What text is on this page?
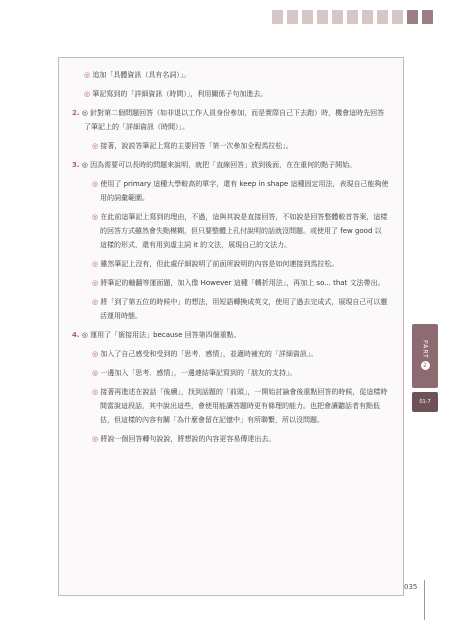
◎ 追加「具體資訊（具有名詞）」。

◎ 筆記寫到的「詳細資訊（時間）」，利用關係子句加進去。

2. ◎ 針對第二個問題回答（如非退以工作人員身份參加，而是實際自己下去跑）時，機會這時先回答了筆記上的「詳細資訊（時間）」。

◎ 接著，說説答筆記上寫的主要回答「第一次參加全程馬拉松」。

3. ◎ 因為需要可以長時的問題來說明，就把「直線回答」放到後面，在在重何的點子開始。

◎ 使用了 primary 這種大學較高的單字，還有 keep in shape 這種固定用法，表現自己能夠使用的詞彙範圍。

◎ 在此前這筆記上寫到的理由，不過，這與其說是直接回答，不如說是回答整體較首答案，這樣的回答方式雖然會失點模糊，但只要整體上孔付說明的話就沒問題。或使用了 few good 以 這樣的形式，還有用到虛主詞 it 的文法，展現自己的文法力。

◎ 雖然筆記上沒有，但此處仔細說明了前面所說明的內容是如何連接到馬拉松。

◎ 將筆記的軸翻等運面題，加入像 However 這種「轉折用法」，再加上 so... that 文法帶出。

◎ 將「到了第五位的時候中」的想法，用短語轉換成英文，使用了過去完成式，展現自己可以靈活運用時態。

4. ◎ 運用了「銜接用法」because 回答第四個重點。

◎ 加入了自己感受和受到的「思考．感情」，並適時補充的「詳細資訊」。

◎ 一邊加入「思考．感情」，一邊連結筆記寫到的「朋友的支持」。

◎ 接著再進述在說話「後續」，找到話題的「前頭」，一開始討論會後重點回答的時候，從這樣時間當說這段話，其中說出這些，會使用能讓答題時更有條理的能力。也把會讓聽話者有點低估，但這樣的內容有關「為什麼會留在記憶中」有所聯繫，所以沒問題。

◎ 將說一個回答轉句說說，將想說的內容更容易傳達出去。

PART
2
01-7
035
